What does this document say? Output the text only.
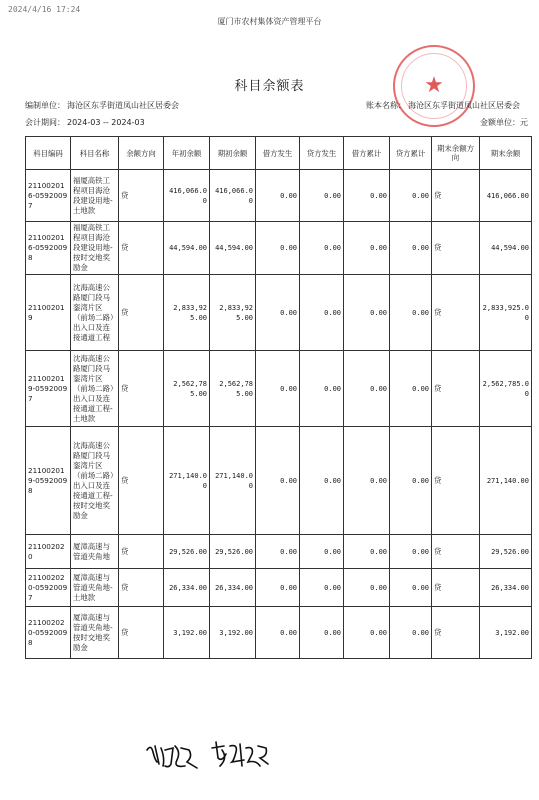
2024/4/16 17:24
厦门市农村集体资产管理平台
★
科目余额表
编制单位： 海沧区东孚街道凤山社区居委会	账本名称： 海沧区东孚街道凤山社区居委会
会计期间： 2024-03 -- 2024-03	金额单位：元
科目编码	科目名称	余额方向	年初余额	期初余额	借方发生	贷方发生	借方累计	贷方累计	期末余额方向	期末余额
211002016-05920097	福厦高铁工程项目海沧段建设用地-土地款	贷	416,066.00	416,066.00	0.00	0.00	0.00	0.00	贷	416,066.00
211002016-05920098	福厦高铁工程项目海沧段建设用地-按时交地奖励金	贷	44,594.00	44,594.00	0.00	0.00	0.00	0.00	贷	44,594.00
211002019	沈海高速公路厦门段马銮湾片区（前场二路）出入口及连接通道工程	贷	2,833,925.00	2,833,925.00	0.00	0.00	0.00	0.00	贷	2,833,925.00
211002019-05920097	沈海高速公路厦门段马銮湾片区（前场二路）出入口及连接通道工程-土地款	贷	2,562,785.00	2,562,785.00	0.00	0.00	0.00	0.00	贷	2,562,785.00
211002019-05920098	沈海高速公路厦门段马銮湾片区（前场二路）出入口及连接通道工程-按时交地奖励金	贷	271,140.00	271,140.00	0.00	0.00	0.00	0.00	贷	271,140.00
211002020	厦漳高速与管道夹角地	贷	29,526.00	29,526.00	0.00	0.00	0.00	0.00	贷	29,526.00
211002020-05920097	厦漳高速与管道夹角地-土地款	贷	26,334.00	26,334.00	0.00	0.00	0.00	0.00	贷	26,334.00
211002020-05920098	厦漳高速与管道夹角地-按时交地奖励金	贷	3,192.00	3,192.00	0.00	0.00	0.00	0.00	贷	3,192.00
